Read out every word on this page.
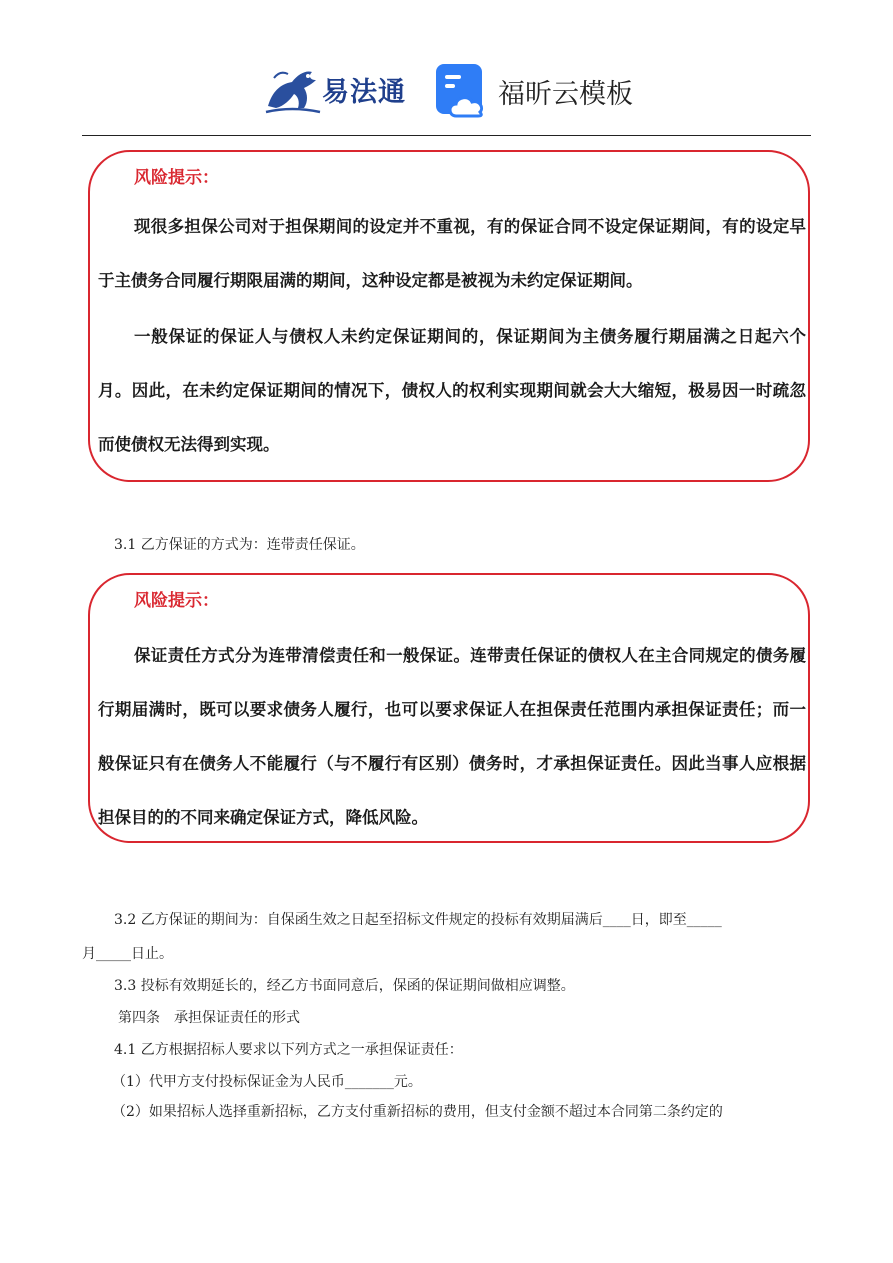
易法通	福昕云模板
风险提示：
现很多担保公司对于担保期间的设定并不重视，有的保证合同不设定保证期间，有的设定早于主债务合同履行期限届满的期间，这种设定都是被视为未约定保证期间。
一般保证的保证人与债权人未约定保证期间的，保证期间为主债务履行期届满之日起六个月。因此，在未约定保证期间的情况下，债权人的权利实现期间就会大大缩短，极易因一时疏忽而使债权无法得到实现。
3.1 乙方保证的方式为：连带责任保证。
风险提示：
保证责任方式分为连带清偿责任和一般保证。连带责任保证的债权人在主合同规定的债务履行期届满时，既可以要求债务人履行，也可以要求保证人在担保责任范围内承担保证责任；而一般保证只有在债务人不能履行（与不履行有区别）债务时，才承担保证责任。因此当事人应根据担保目的的不同来确定保证方式，降低风险。
3.2 乙方保证的期间为：自保函生效之日起至招标文件规定的投标有效期届满后____日，即至_____
月_____日止。
3.3 投标有效期延长的，经乙方书面同意后，保函的保证期间做相应调整。
第四条　承担保证责任的形式
4.1 乙方根据招标人要求以下列方式之一承担保证责任：
（1）代甲方支付投标保证金为人民币_______元。
（2）如果招标人选择重新招标，乙方支付重新招标的费用，但支付金额不超过本合同第二条约定的
